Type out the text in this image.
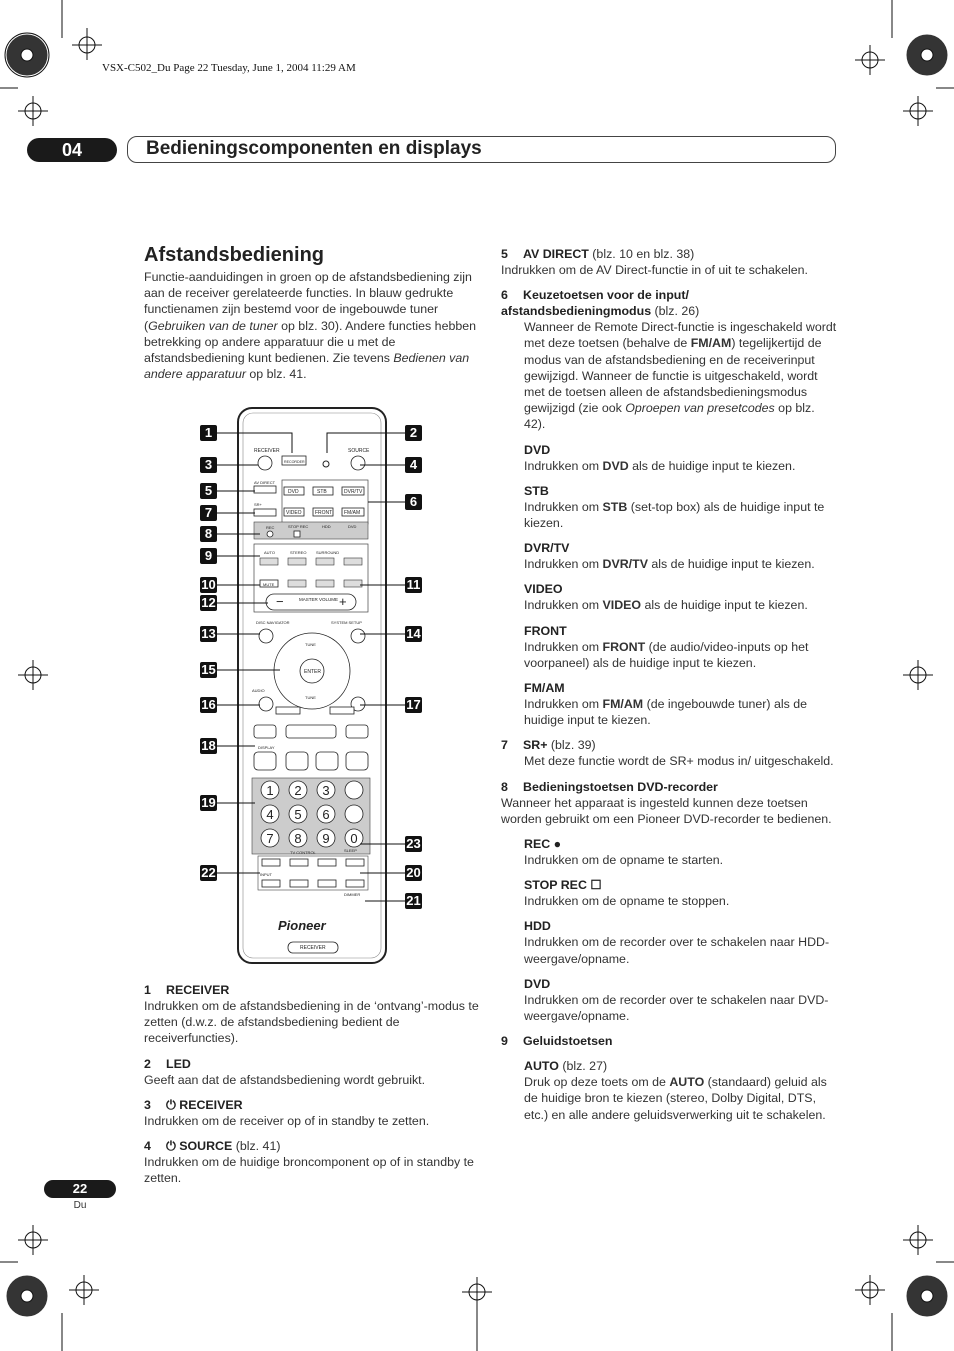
VSX-C502_Du Page 22 Tuesday, June 1, 2004 11:29 AM
04	Bedieningscomponenten en displays
Afstandsbediening
Functie-aanduidingen in groen op de afstandsbediening zijn aan de receiver gerelateerde functies. In blauw gedrukte functienamen zijn bestemd voor de ingebouwde tuner (Gebruiken van de tuner op blz. 30). Andere functies hebben betrekking op andere apparatuur die u met de afstandsbediening kunt bedienen. Zie tevens Bedienen van andere apparatuur op blz. 41.
RECEIVER
RECORDER
SOURCE
AV DIRECT
DVD	STB	DVR/TV
SR+
VIDEO	FRONT FM/AM
REC	STOP REC	HDD	DVD
AUTO	STEREO SURROUND
MUTE
−	+
MASTER VOLUME
DISC NAVIGATOR	SYSTEM SETUP
ENTER
TUNE
TUNE
AUDIO
DISPLAY
1 2 3
4 5 6
7 8 9 0
TV CONTROL
INPUT
SLEEP
DIMMER
Pioneer
RECEIVER
1
3
5
7
8
9
10
12
13
15
16
18
19
22
2
4
6
11
14
17
23
20
21
1 RECEIVER
Indrukken om de afstandsbediening in de ‘ontvang’-modus te zetten (d.w.z. de afstandsbediening bedient de receiverfuncties).
2 LED
Geeft aan dat de afstandsbediening wordt gebruikt.
3 ⏻ RECEIVER
Indrukken om de receiver op of in standby te zetten.
4 ⏻ SOURCE (blz. 41)
Indrukken om de huidige broncomponent op of in standby te zetten.
5 AV DIRECT (blz. 10 en blz. 38)
Indrukken om de AV Direct-functie in of uit te schakelen.
6 Keuzetoetsen voor de input/ afstandsbedieningmodus (blz. 26)
Wanneer de Remote Direct-functie is ingeschakeld wordt met deze toetsen (behalve de FM/AM) tegelijkertijd de modus van de afstandsbediening en de receiverinput gewijzigd. Wanneer de functie is uitgeschakeld, wordt met de toetsen alleen de afstandsbedieningsmodus gewijzigd (zie ook Oproepen van presetcodes op blz. 42).
DVD
Indrukken om DVD als de huidige input te kiezen.
STB
Indrukken om STB (set-top box) als de huidige input te kiezen.
DVR/TV
Indrukken om DVR/TV als de huidige input te kiezen.
VIDEO
Indrukken om VIDEO als de huidige input te kiezen.
FRONT
Indrukken om FRONT (de audio/video-inputs op het voorpaneel) als de huidige input te kiezen.
FM/AM
Indrukken om FM/AM (de ingebouwde tuner) als de huidige input te kiezen.
7 SR+ (blz. 39)
Met deze functie wordt de SR+ modus in/ uitgeschakeld.
8 Bedieningstoetsen DVD-recorder
Wanneer het apparaat is ingesteld kunnen deze toetsen worden gebruikt om een Pioneer DVD-recorder te bedienen.
REC ●
Indrukken om de opname te starten.
STOP REC ☐
Indrukken om de opname te stoppen.
HDD
Indrukken om de recorder over te schakelen naar HDD-weergave/opname.
DVD
Indrukken om de recorder over te schakelen naar DVD-weergave/opname.
9 Geluidstoetsen
AUTO (blz. 27)
Druk op deze toets om de AUTO (standaard) geluid als de huidige bron te kiezen (stereo, Dolby Digital, DTS, etc.) en alle andere geluidsverwerking uit te schakelen.
22
Du
